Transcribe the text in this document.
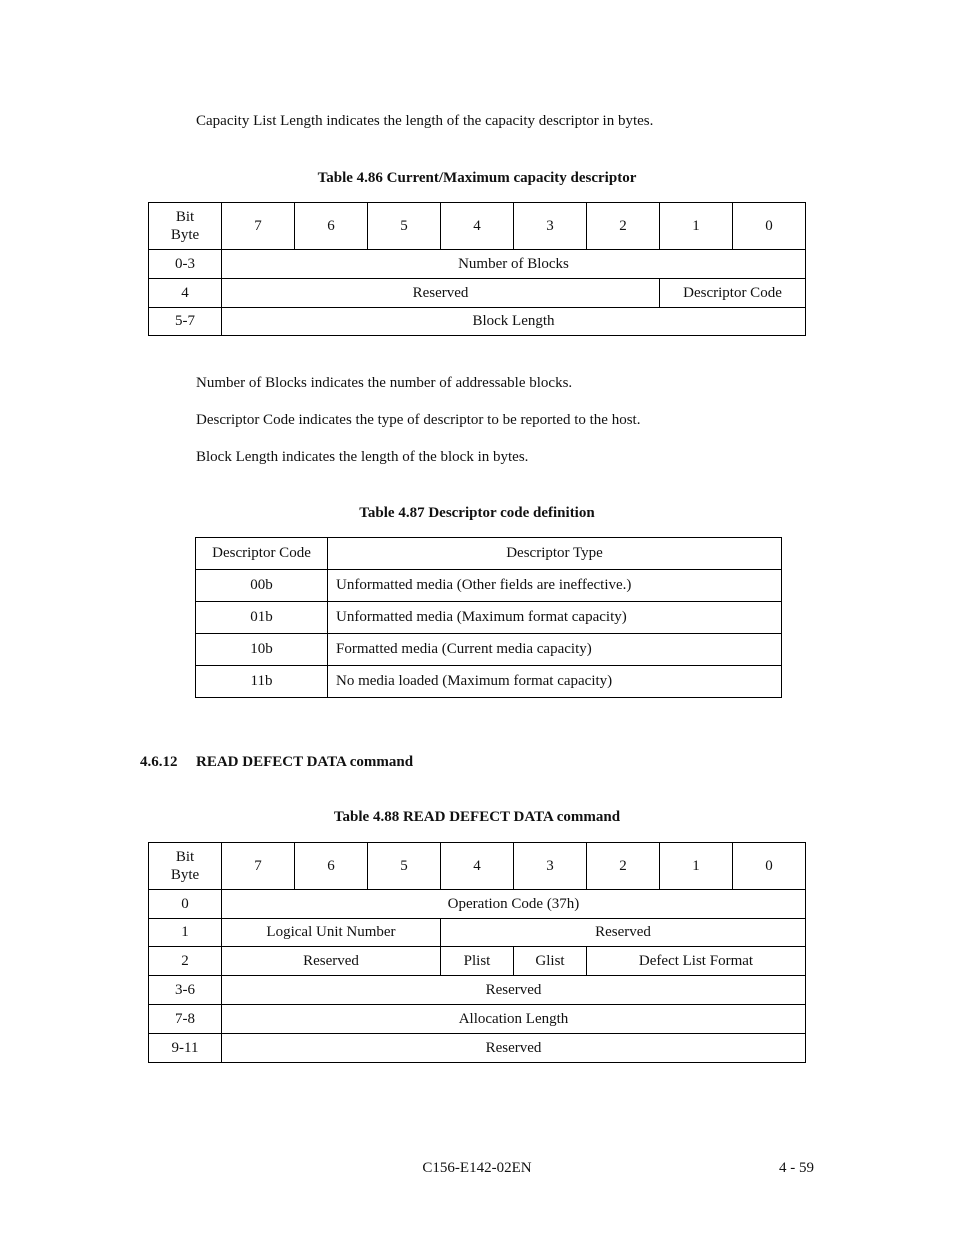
Capacity List Length indicates the length of the capacity descriptor in bytes.
Table 4.86 Current/Maximum capacity descriptor
Bit
Byte	7	6	5	4	3	2	1	0
0-3	Number of Blocks							
4	Reserved						Descriptor Code	
5-7	Block Length							
Number of Blocks indicates the number of addressable blocks.
Descriptor Code indicates the type of descriptor to be reported to the host.
Block Length indicates the length of the block in bytes.
Table 4.87 Descriptor code definition
Descriptor Code	Descriptor Type
00b	Unformatted media (Other fields are ineffective.)
01b	Unformatted media (Maximum format capacity)
10b	Formatted media (Current media capacity)
11b	No media loaded (Maximum format capacity)
4.6.12 READ DEFECT DATA command
Table 4.88 READ DEFECT DATA command
Bit
Byte	7	6	5	4	3	2	1	0
0	Operation Code (37h)							
1	Logical Unit Number			Reserved				
2	Reserved			Plist	Glist	Defect List Format		
3-6	Reserved							
7-8	Allocation Length							
9-11	Reserved							
C156-E142-02EN	4 - 59
